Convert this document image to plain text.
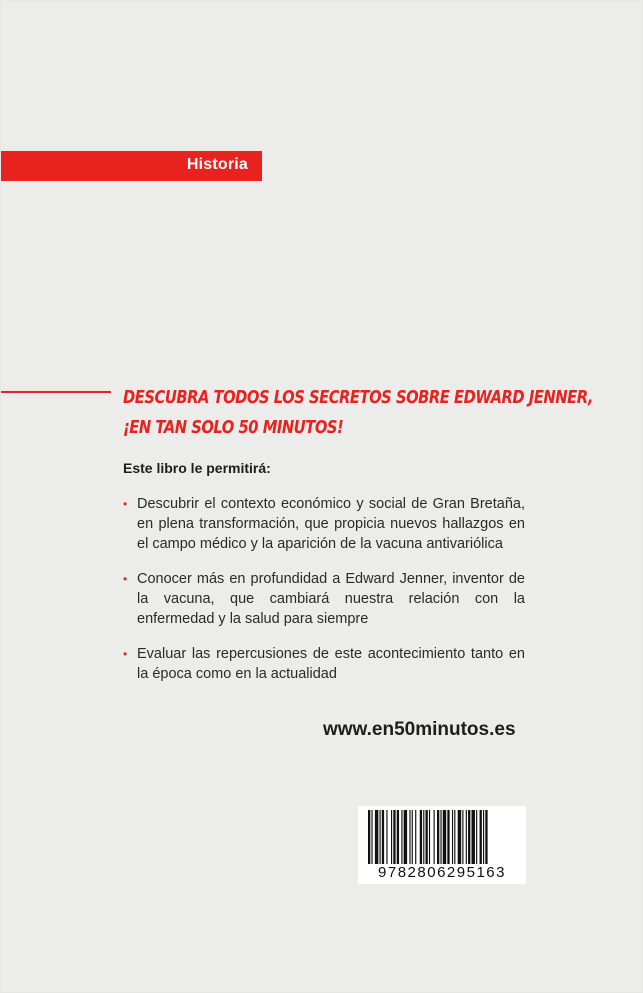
Historia
DESCUBRA TODOS LOS SECRETOS SOBRE EDWARD JENNER,
¡EN TAN SOLO 50 MINUTOS!
Este libro le permitirá:
• Descubrir el contexto económico y social de Gran Bretaña, en plena transformación, que propicia nuevos hallazgos en el campo médico y la aparición de la vacuna antivariólica
• Conocer más en profundidad a Edward Jenner, inventor de la vacuna, que cambiará nuestra relación con la enfermedad y la salud para siempre
• Evaluar las repercusiones de este acontecimiento tanto en la época como en la actualidad
www.en50minutos.es
9782806295163
